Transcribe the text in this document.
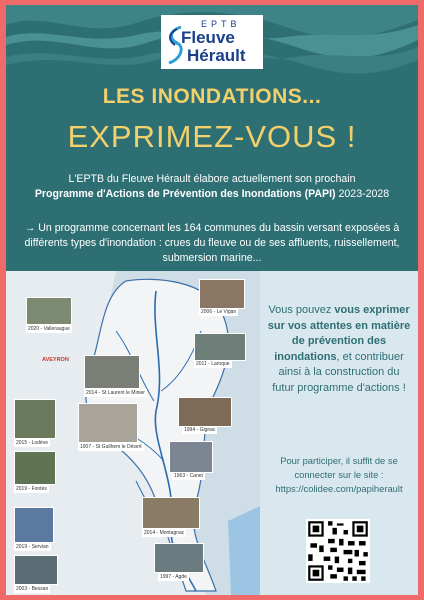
EPTB
Fleuve
Hérault
LES INONDATIONS...
EXPRIMEZ-VOUS !
L'EPTB du Fleuve Hérault élabore actuellement son prochain
Programme d'Actions de Prévention des Inondations (PAPI) 2023-2028
→ Un programme concernant les 164 communes du bassin versant exposées à différents types d'inondation : crues du fleuve ou de ses affluents, ruissellement, submersion marine...
AVEYRON
2020 - Valleraugue
2006 - Le Vigan
2011 - Laroque
2014 - St Laurent le Minier
2015 - Lodève
1907 - St Guilhem le Désert
1994 - Gignac
1963 - Canet
2019 - Fontès
2014 - Montagnac
2019 - Servian
1997 - Agde
2003 - Bessan
Vous pouvez vous exprimer sur vos attentes en matière de prévention des inondations, et contribuer ainsi à la construction du futur programme d'actions !
Pour participer, il suffit de se connecter sur le site :
https://colidee.com/papiherault
